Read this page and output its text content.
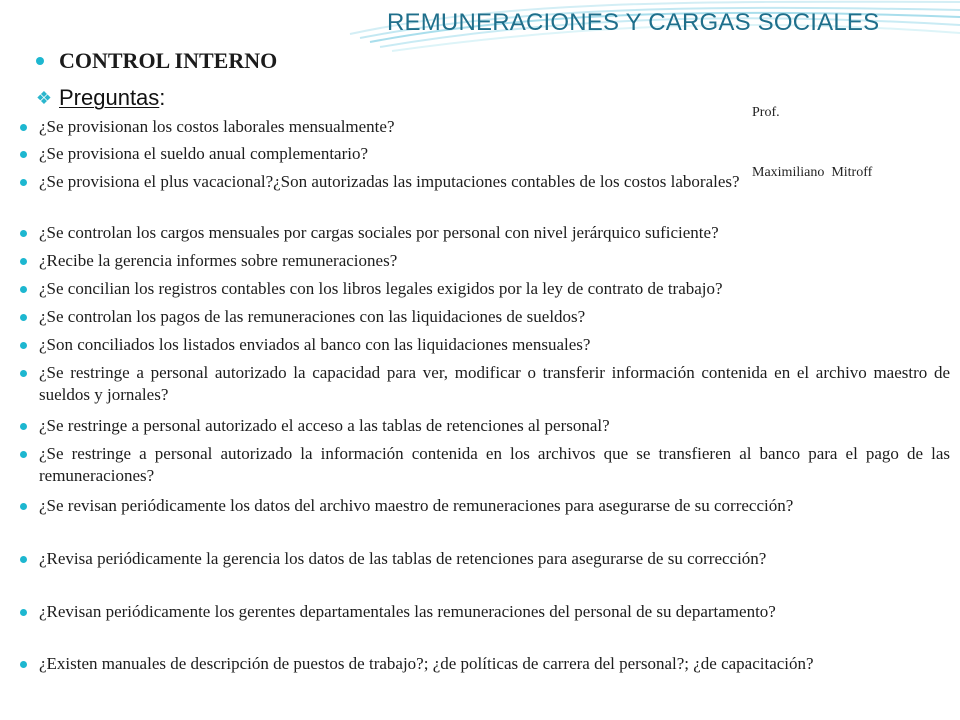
REMUNERACIONES Y CARGAS SOCIALES
CONTROL INTERNO
❖ Preguntas:

Prof.

Maximiliano  Mitroff

¿Se provisionan los costos laborales mensualmente?
¿Se provisiona el sueldo anual complementario?
¿Se provisiona el plus vacacional?¿Son autorizadas las imputaciones contables de los costos laborales?
¿Se controlan los cargos mensuales por cargas sociales por personal con nivel jerárquico suficiente?
¿Recibe la gerencia informes sobre remuneraciones?
¿Se concilian los registros contables con los libros legales exigidos por la ley de contrato de trabajo?
¿Se controlan los pagos de las remuneraciones con las liquidaciones de sueldos?
¿Son conciliados los listados enviados al banco con las liquidaciones mensuales?
¿Se restringe a personal autorizado la capacidad para ver, modificar o transferir información contenida en el archivo maestro de sueldos y jornales?
¿Se restringe a personal autorizado el acceso a las tablas de retenciones al personal?
¿Se restringe a personal autorizado la información contenida en los archivos que se transfieren al banco para el pago de las remuneraciones?
¿Se revisan periódicamente los datos del archivo maestro de remuneraciones para asegurarse de su corrección?
¿Revisa periódicamente la gerencia los datos de las tablas de retenciones para asegurarse de su corrección?
¿Revisan periódicamente los gerentes departamentales las remuneraciones del personal de su departamento?
¿Existen manuales de descripción de puestos de trabajo?; ¿de políticas de carrera del personal?; ¿de capacitación?
